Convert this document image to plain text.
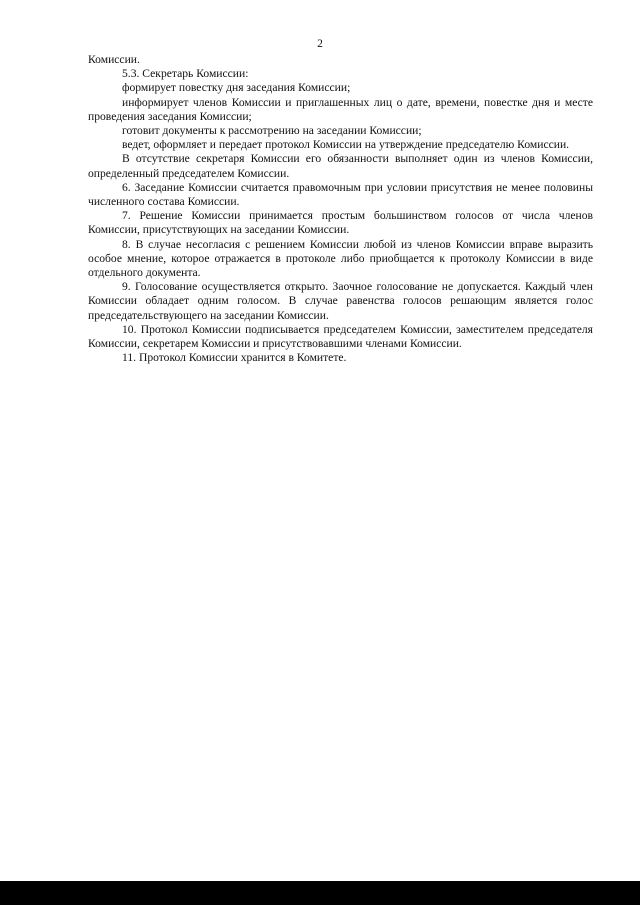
2

Комиссии.

5.3. Секретарь Комиссии:

формирует повестку дня заседания Комиссии;

информирует членов Комиссии и приглашенных лиц о дате, времени, повестке дня и месте проведения заседания Комиссии;

готовит документы к рассмотрению на заседании Комиссии;

ведет, оформляет и передает протокол Комиссии на утверждение председателю Комиссии.

В отсутствие секретаря Комиссии его обязанности выполняет один из членов Комиссии, определенный председателем Комиссии.

6. Заседание Комиссии считается правомочным при условии присутствия не менее половины численного состава Комиссии.

7. Решение Комиссии принимается простым большинством голосов от числа членов Комиссии, присутствующих на заседании Комиссии.

8. В случае несогласия с решением Комиссии любой из членов Комиссии вправе выразить особое мнение, которое отражается в протоколе либо приобщается к протоколу Комиссии в виде отдельного документа.

9. Голосование осуществляется открыто. Заочное голосование не допускается. Каждый член Комиссии обладает одним голосом. В случае равенства голосов решающим является голос председательствующего на заседании Комиссии.

10. Протокол Комиссии подписывается председателем Комиссии, заместителем председателя Комиссии, секретарем Комиссии и присутствовавшими членами Комиссии.

11. Протокол Комиссии хранится в Комитете.
